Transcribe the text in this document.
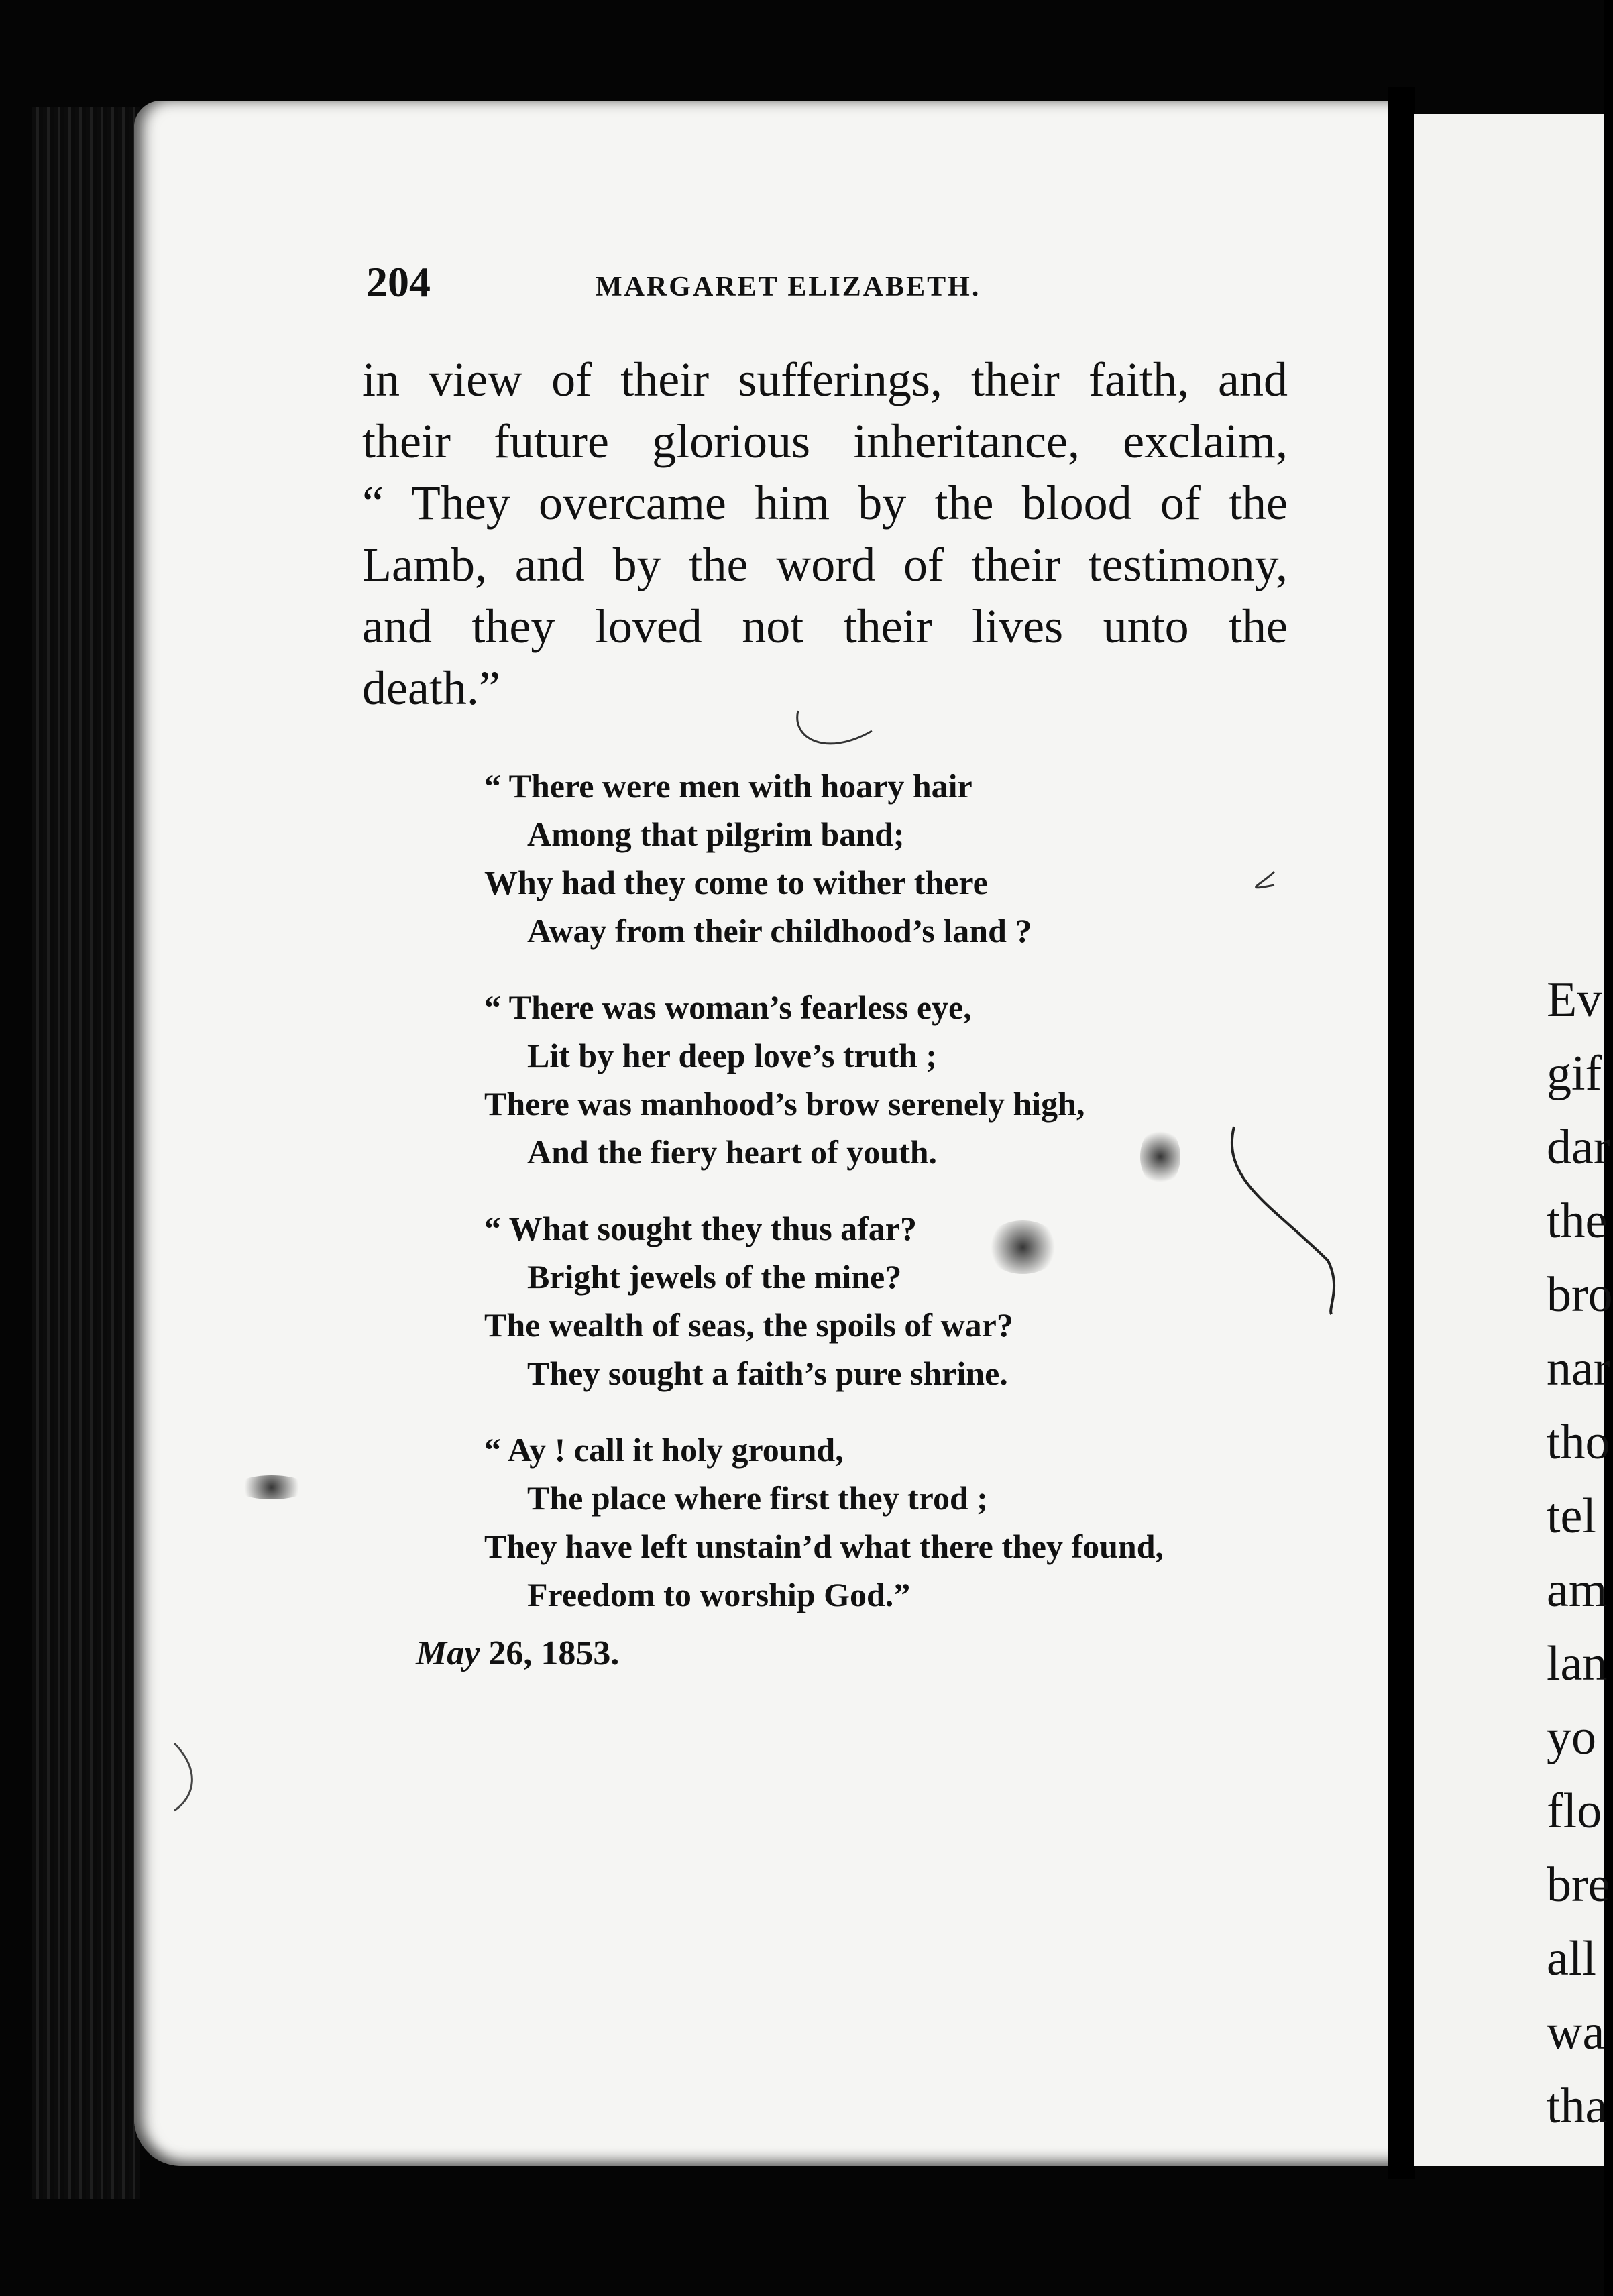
204	MARGARET ELIZABETH.
in view of their sufferings, their faith, and
their future glorious inheritance, exclaim,
“ They overcame him by the blood of the
Lamb, and by the word of their testimony,
and they loved not their lives unto the
death.”
“ There were men with hoary hair
Among that pilgrim band;
Why had they come to wither there
Away from their childhood’s land ?
“ There was woman’s fearless eye,
Lit by her deep love’s truth ;
There was manhood’s brow serenely high,
And the fiery heart of youth.
“ What sought they thus afar?
Bright jewels of the mine?
The wealth of seas, the spoils of war?
They sought a faith’s pure shrine.
“ Ay ! call it holy ground,
The place where first they trod ;
They have left unstain’d what there they found,
Freedom to worship God.”
May 26, 1853.
Ev
gif
dar
the
bro
nar
tho
tel
am
lan
yo
flo
bre
all
wa
tha
